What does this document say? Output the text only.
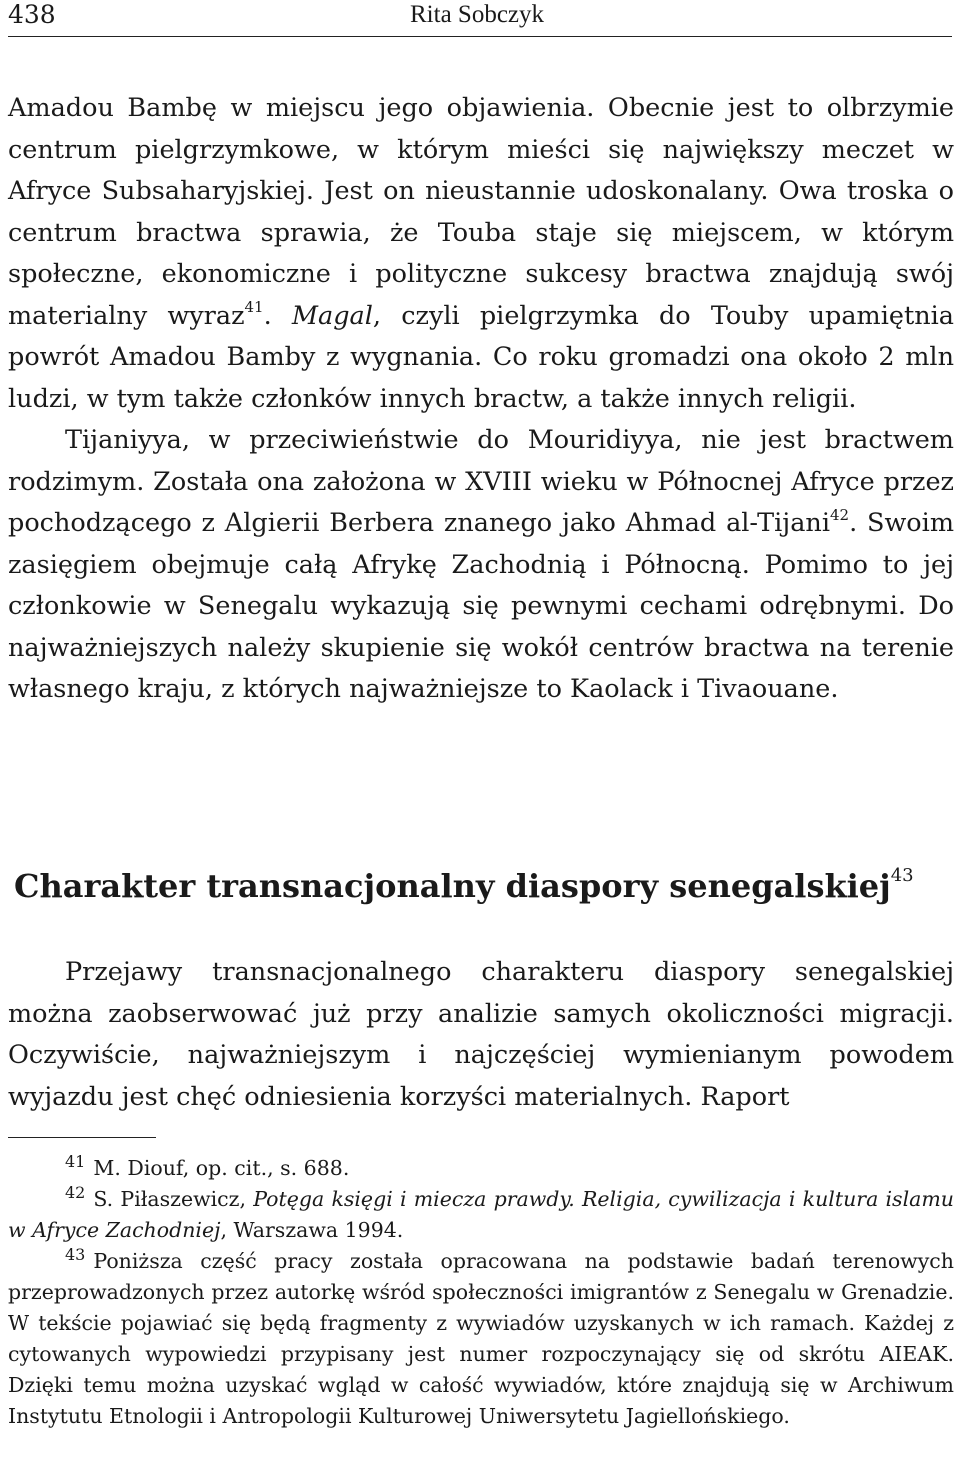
438	Rita Sobczyk

Amadou Bambę w miejscu jego objawienia. Obecnie jest to olbrzymie centrum pielgrzymkowe, w którym mieści się największy meczet w Afryce Subsaharyjskiej. Jest on nieustannie udoskonalany. Owa troska o centrum bractwa sprawia, że Touba staje się miejscem, w którym społeczne, ekonomiczne i polityczne sukcesy bractwa znajdują swój materialny wyraz$^{41}$. Magal, czyli pielgrzymka do Touby upamiętnia powrót Amadou Bamby z wygnania. Co roku gromadzi ona około 2 mln ludzi, w tym także członków innych bractw, a także innych religii.

Tijaniyya, w przeciwieństwie do Mouridiyya, nie jest bractwem rodzimym. Została ona założona w XVIII wieku w Północnej Afryce przez pochodzącego z Algierii Berbera znanego jako Ahmad al-Tijani$^{42}$. Swoim zasięgiem obejmuje całą Afrykę Zachodnią i Północną. Pomimo to jej członkowie w Senegalu wykazują się pewnymi cechami odrębnymi. Do najważniejszych należy skupienie się wokół centrów bractwa na terenie własnego kraju, z których najważniejsze to Kaolack i Tivaouane.

Charakter transnacjonalny diaspory senegalskiej$^{43}$

Przejawy transnacjonalnego charakteru diaspory senegalskiej można zaobserwować już przy analizie samych okoliczności migracji. Oczywiście, najważniejszym i najczęściej wymienianym powodem wyjazdu jest chęć odniesienia korzyści materialnych. Raport

$^{41}$ M. Diouf, op. cit., s. 688.

$^{42}$ S. Piłaszewicz, Potęga księgi i miecza prawdy. Religia, cywilizacja i kultura islamu w Afryce Zachodniej, Warszawa 1994.

$^{43}$ Poniższa część pracy została opracowana na podstawie badań terenowych przeprowadzonych przez autorkę wśród społeczności imigrantów z Senegalu w Grenadzie. W tekście pojawiać się będą fragmenty z wywiadów uzyskanych w ich ramach. Każdej z cytowanych wypowiedzi przypisany jest numer rozpoczynający się od skrótu AIEAK. Dzięki temu można uzyskać wgląd w całość wywiadów, które znajdują się w Archiwum Instytutu Etnologii i Antropologii Kulturowej Uniwersytetu Jagiellońskiego.
